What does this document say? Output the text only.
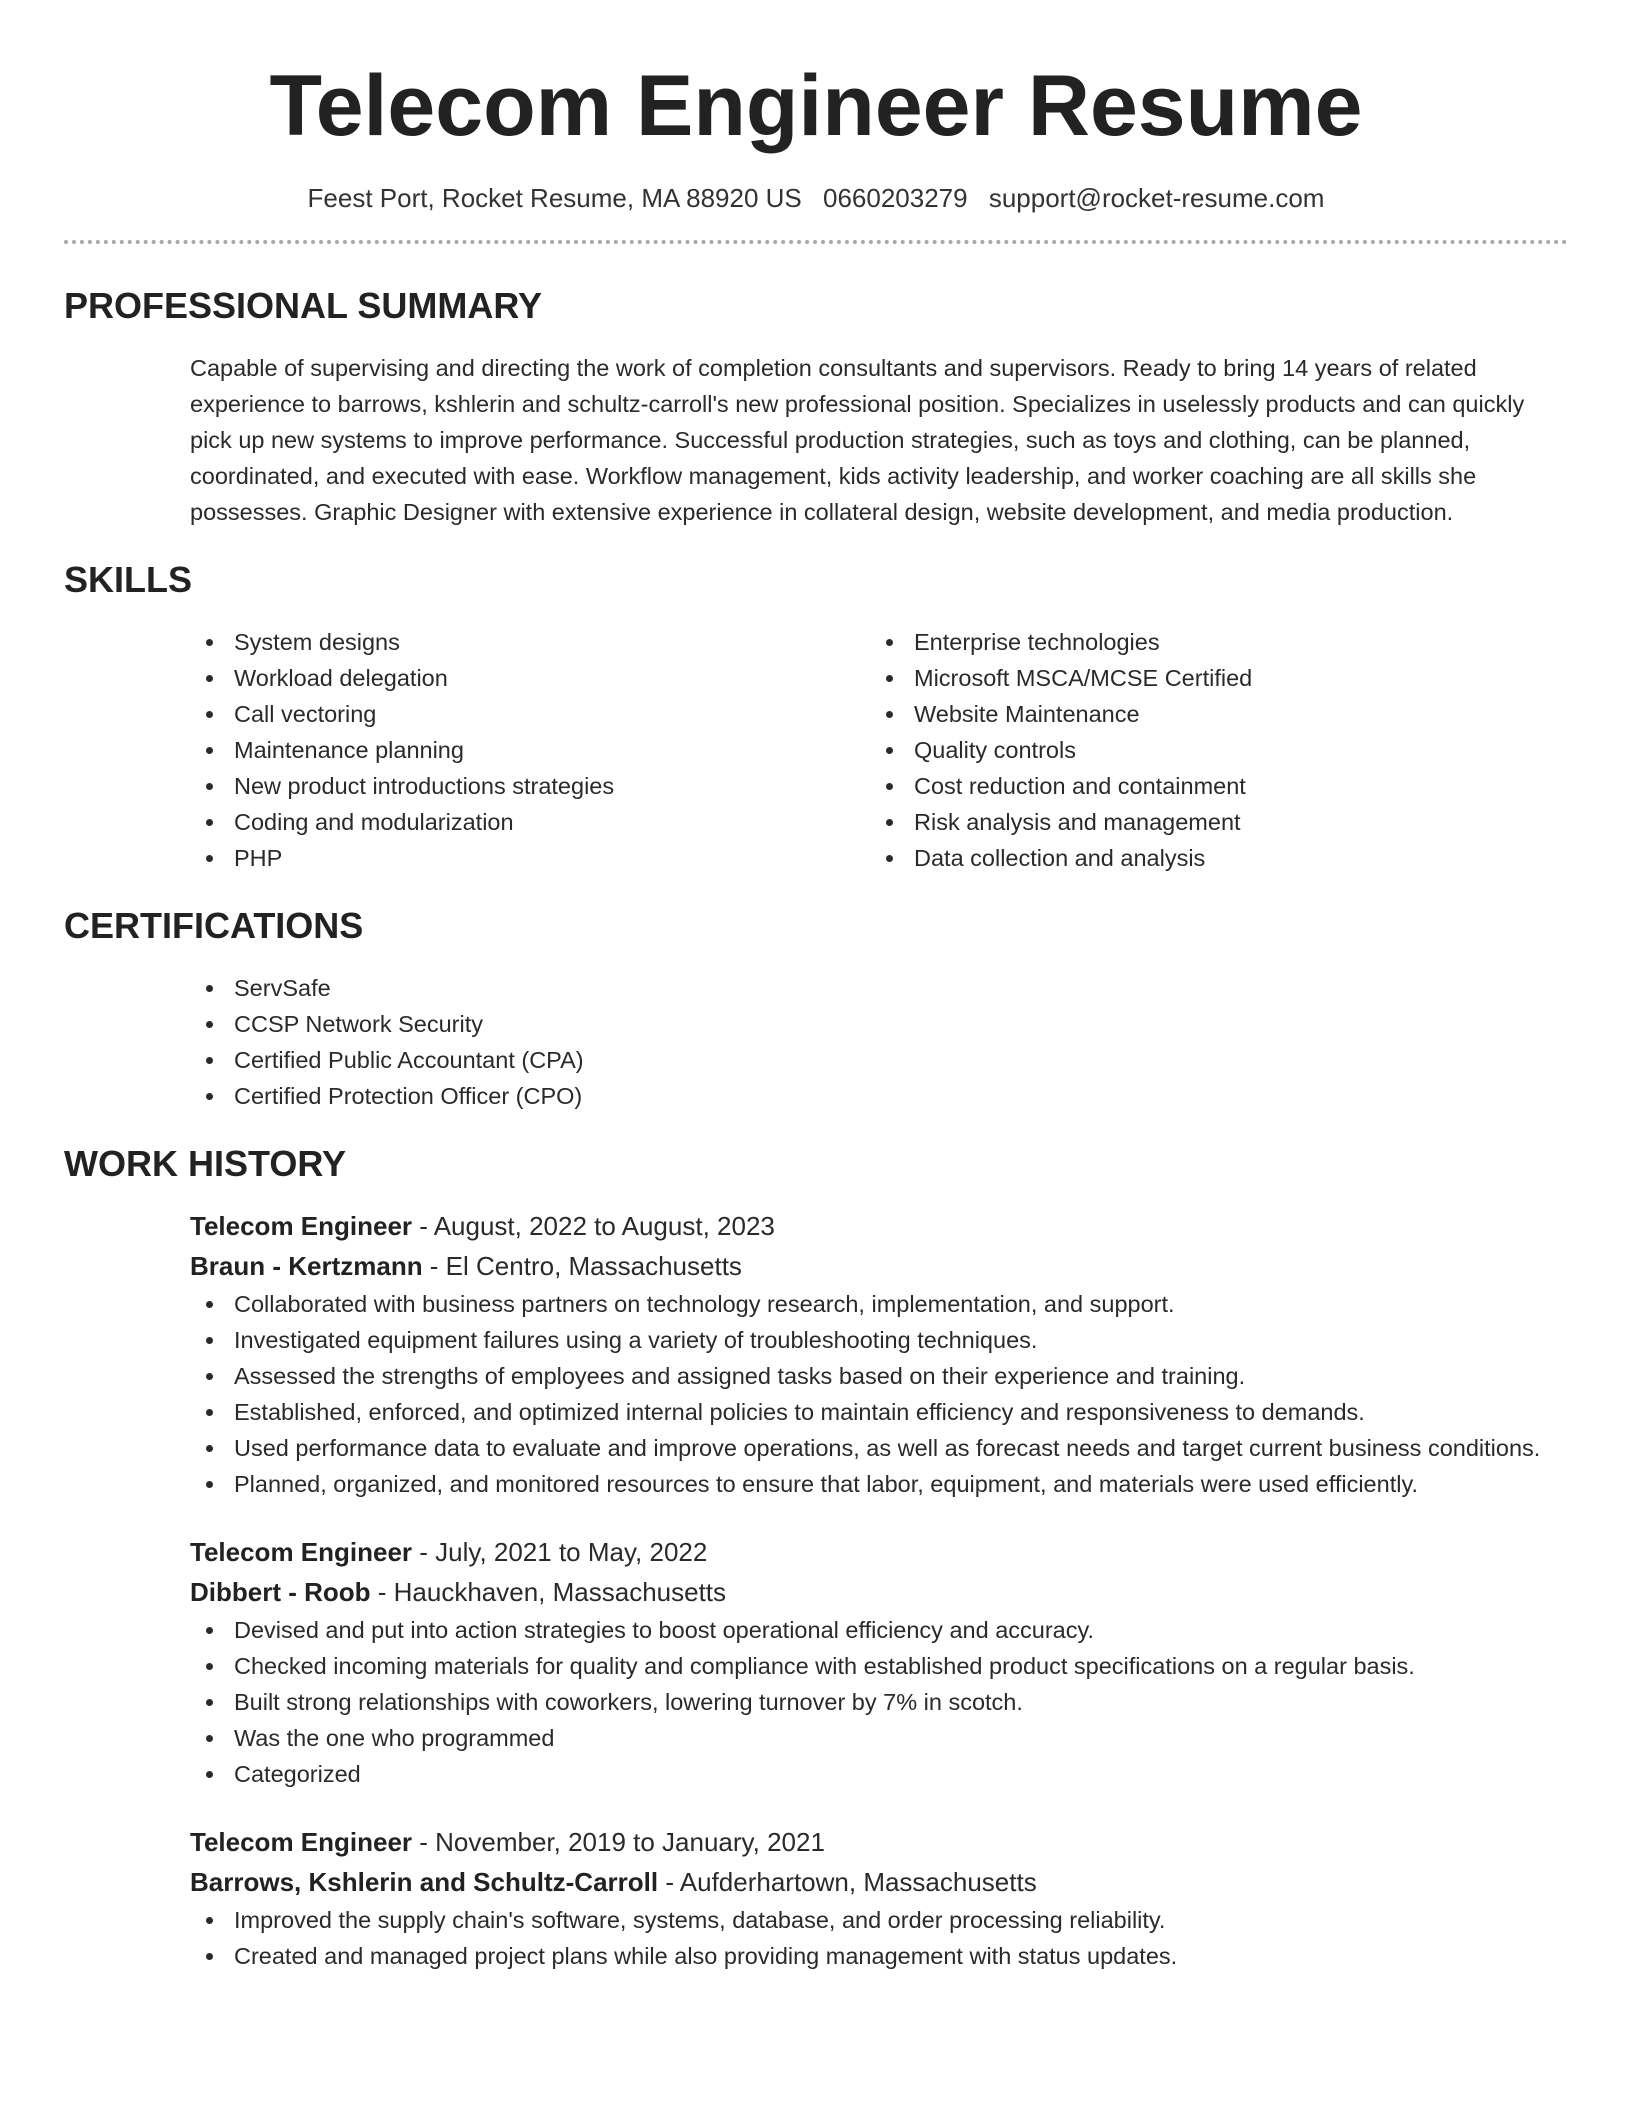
Telecom Engineer Resume
Feest Port, Rocket Resume, MA 88920 US 0660203279 support@rocket-resume.com
PROFESSIONAL SUMMARY

Capable of supervising and directing the work of completion consultants and supervisors. Ready to bring 14 years of related experience to barrows, kshlerin and schultz-carroll's new professional position. Specializes in uselessly products and can quickly pick up new systems to improve performance. Successful production strategies, such as toys and clothing, can be planned, coordinated, and executed with ease. Workflow management, kids activity leadership, and worker coaching are all skills she possesses. Graphic Designer with extensive experience in collateral design, website development, and media production.

SKILLS
System designs
Workload delegation
Call vectoring
Maintenance planning
New product introductions strategies
Coding and modularization
PHP
Enterprise technologies
Microsoft MSCA/MCSE Certified
Website Maintenance
Quality controls
Cost reduction and containment
Risk analysis and management
Data collection and analysis
CERTIFICATIONS
ServSafe
CCSP Network Security
Certified Public Accountant (CPA)
Certified Protection Officer (CPO)
WORK HISTORY
Telecom Engineer - August, 2022 to August, 2023
Braun - Kertzmann - El Centro, Massachusetts
Collaborated with business partners on technology research, implementation, and support.
Investigated equipment failures using a variety of troubleshooting techniques.
Assessed the strengths of employees and assigned tasks based on their experience and training.
Established, enforced, and optimized internal policies to maintain efficiency and responsiveness to demands.
Used performance data to evaluate and improve operations, as well as forecast needs and target current business conditions.
Planned, organized, and monitored resources to ensure that labor, equipment, and materials were used efficiently.
Telecom Engineer - July, 2021 to May, 2022
Dibbert - Roob - Hauckhaven, Massachusetts
Devised and put into action strategies to boost operational efficiency and accuracy.
Checked incoming materials for quality and compliance with established product specifications on a regular basis.
Built strong relationships with coworkers, lowering turnover by 7% in scotch.
Was the one who programmed
Categorized
Telecom Engineer - November, 2019 to January, 2021
Barrows, Kshlerin and Schultz-Carroll - Aufderhartown, Massachusetts
Improved the supply chain's software, systems, database, and order processing reliability.
Created and managed project plans while also providing management with status updates.
